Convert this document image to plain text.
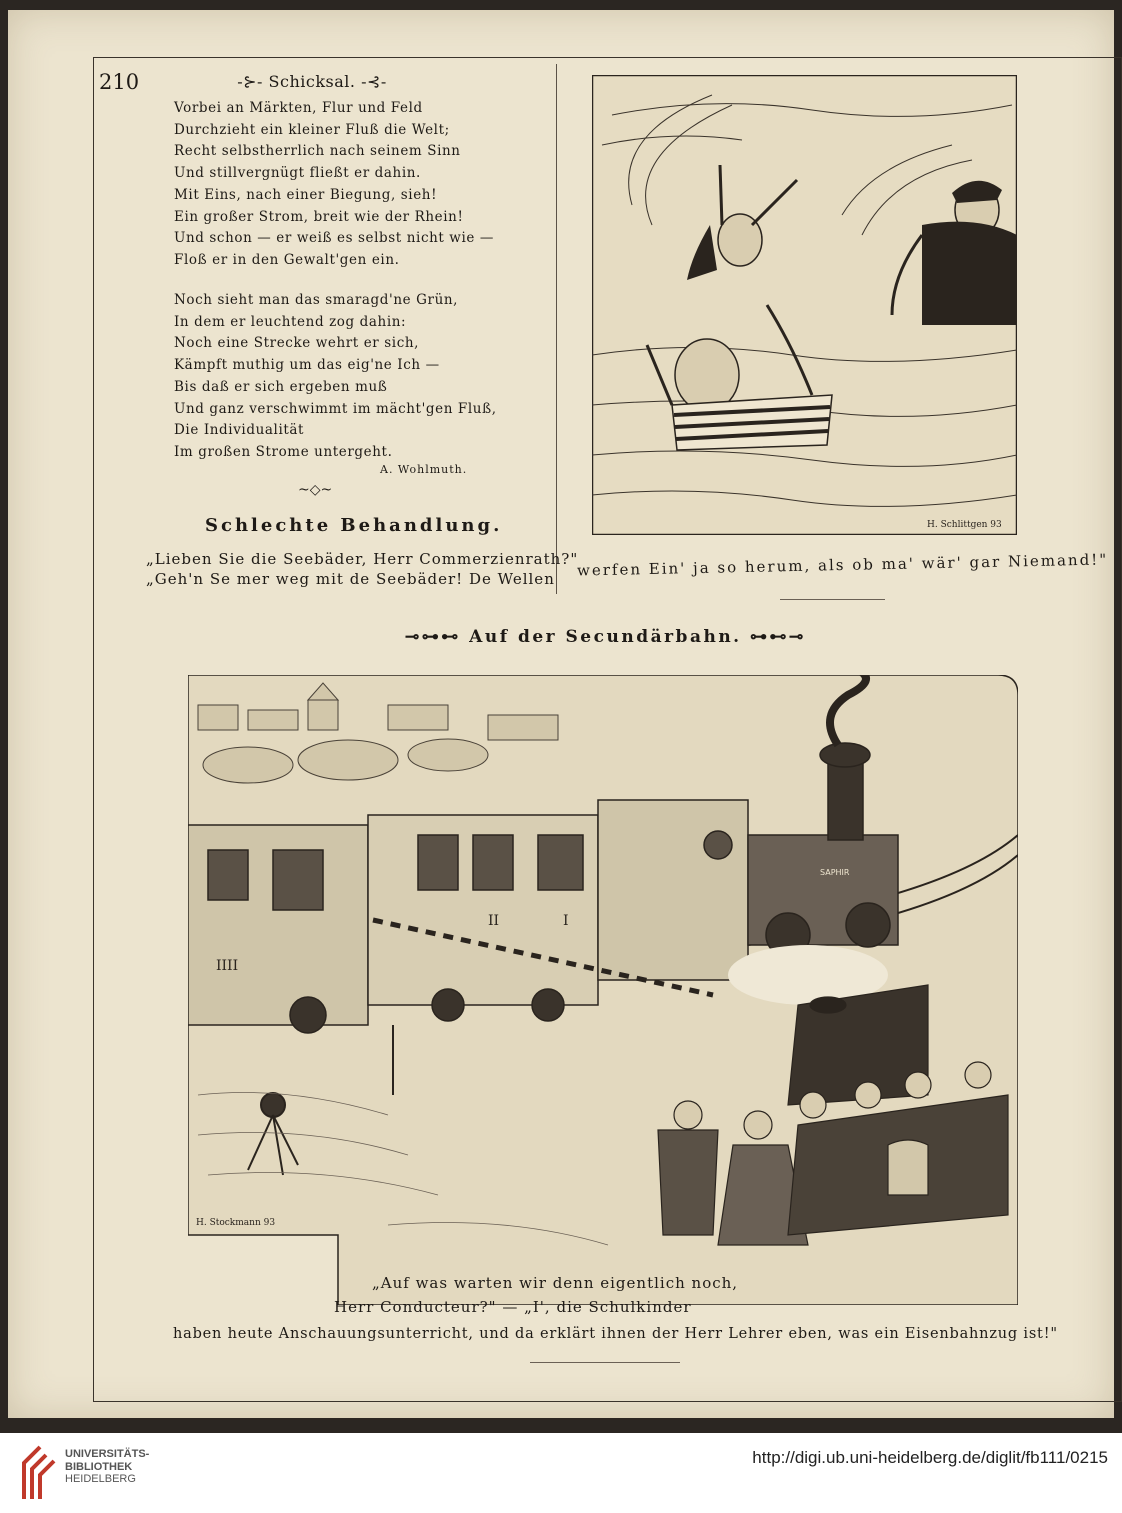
210	-⊱- Schicksal. -⊰-
Vorbei an Märkten, Flur und Feld
Durchzieht ein kleiner Fluß die Welt;
Recht selbstherrlich nach seinem Sinn
Und stillvergnügt fließt er dahin.
Mit Eins, nach einer Biegung, sieh!
Ein großer Strom, breit wie der Rhein!
Und schon — er weiß es selbst nicht wie —
Floß er in den Gewalt'gen ein.
Noch sieht man das smaragd'ne Grün,
In dem er leuchtend zog dahin:
Noch eine Strecke wehrt er sich,
Kämpft muthig um das eig'ne Ich —
Bis daß er sich ergeben muß
Und ganz verschwimmt im mächt'gen Fluß,
Die Individualität
Im großen Strome untergeht.
A. Wohlmuth.
~◇~
H. Schlittgen 93
Schlechte Behandlung.
„Lieben Sie die Seebäder, Herr Commerzienrath?"
„Geh'n Se mer weg mit de Seebäder! De Wellen	werfen Ein' ja so herum, als ob ma' wär' gar Niemand!"
⊸⊶⊷ Auf der Secundärbahn. ⊶⊷⊸
IIII
II	I
SAPHIR
H. Stockmann 93
„Auf was warten wir denn eigentlich noch,
Herr Conducteur?" — „I', die Schulkinder
haben heute Anschauungsunterricht, und da erklärt ihnen der Herr Lehrer eben, was ein Eisenbahnzug ist!"
UNIVERSITÄTS-
BIBLIOTHEK
HEIDELBERG
http://digi.ub.uni-heidelberg.de/diglit/fb111/0215
